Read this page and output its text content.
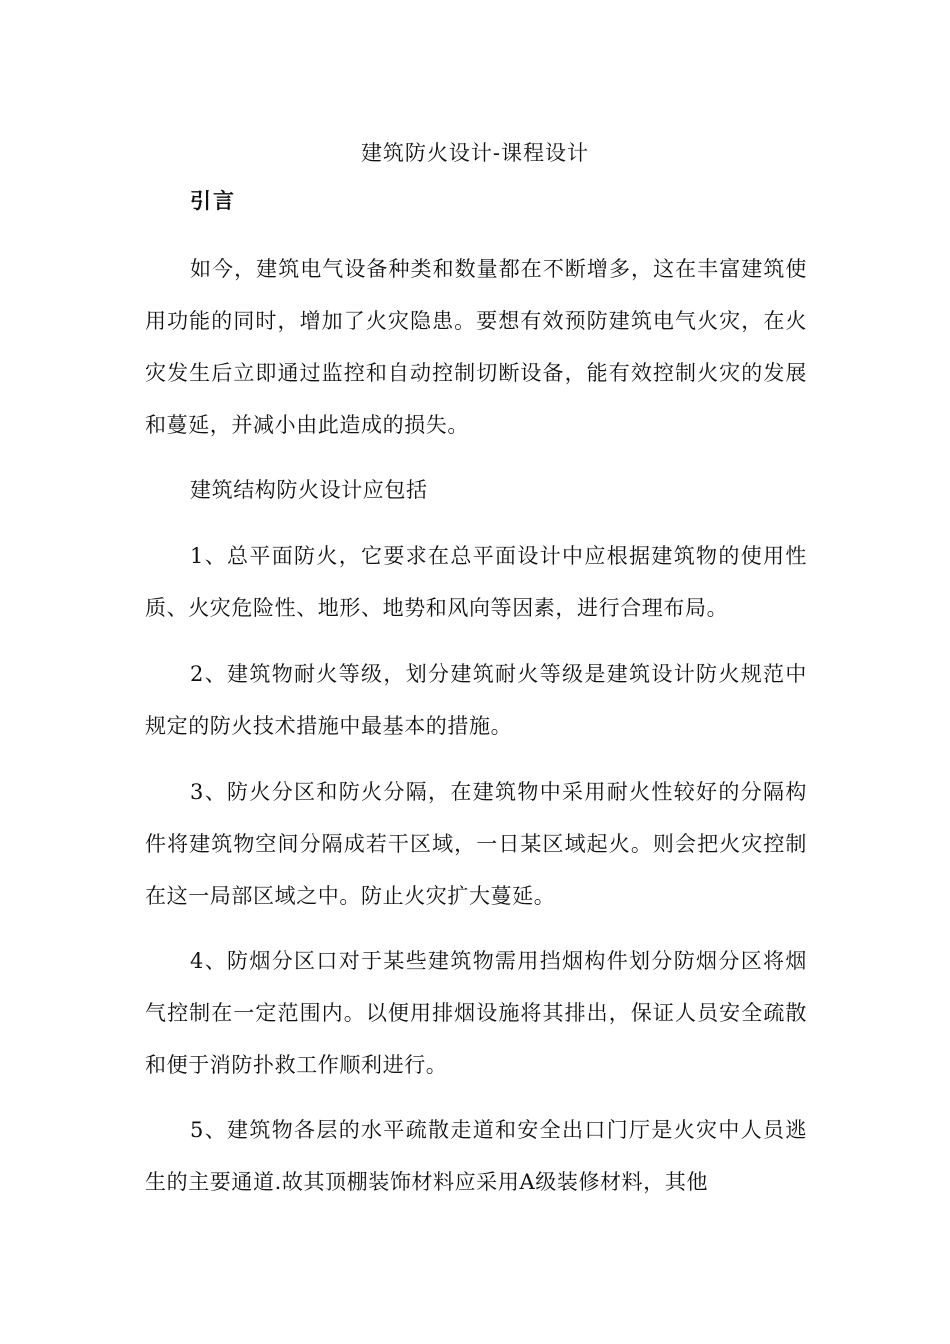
建筑防火设计-课程设计
引言

如今，建筑电气设备种类和数量都在不断增多，这在丰富建筑使用功能的同时，增加了火灾隐患。要想有效预防建筑电气火灾，在火灾发生后立即通过监控和自动控制切断设备，能有效控制火灾的发展和蔓延，并减小由此造成的损失。

建筑结构防火设计应包括

1、总平面防火，它要求在总平面设计中应根据建筑物的使用性质、火灾危险性、地形、地势和风向等因素，进行合理布局。

2、建筑物耐火等级，划分建筑耐火等级是建筑设计防火规范中规定的防火技术措施中最基本的措施。

3、防火分区和防火分隔，在建筑物中采用耐火性较好的分隔构件将建筑物空间分隔成若干区域，一日某区域起火。则会把火灾控制在这一局部区域之中。防止火灾扩大蔓延。

4、防烟分区口对于某些建筑物需用挡烟构件划分防烟分区将烟气控制在一定范围内。以便用排烟设施将其排出，保证人员安全疏散和便于消防扑救工作顺利进行。

5、建筑物各层的水平疏散走道和安全出口门厅是火灾中人员逃生的主要通道.故其顶棚装饰材料应采用A级装修材料，其他
